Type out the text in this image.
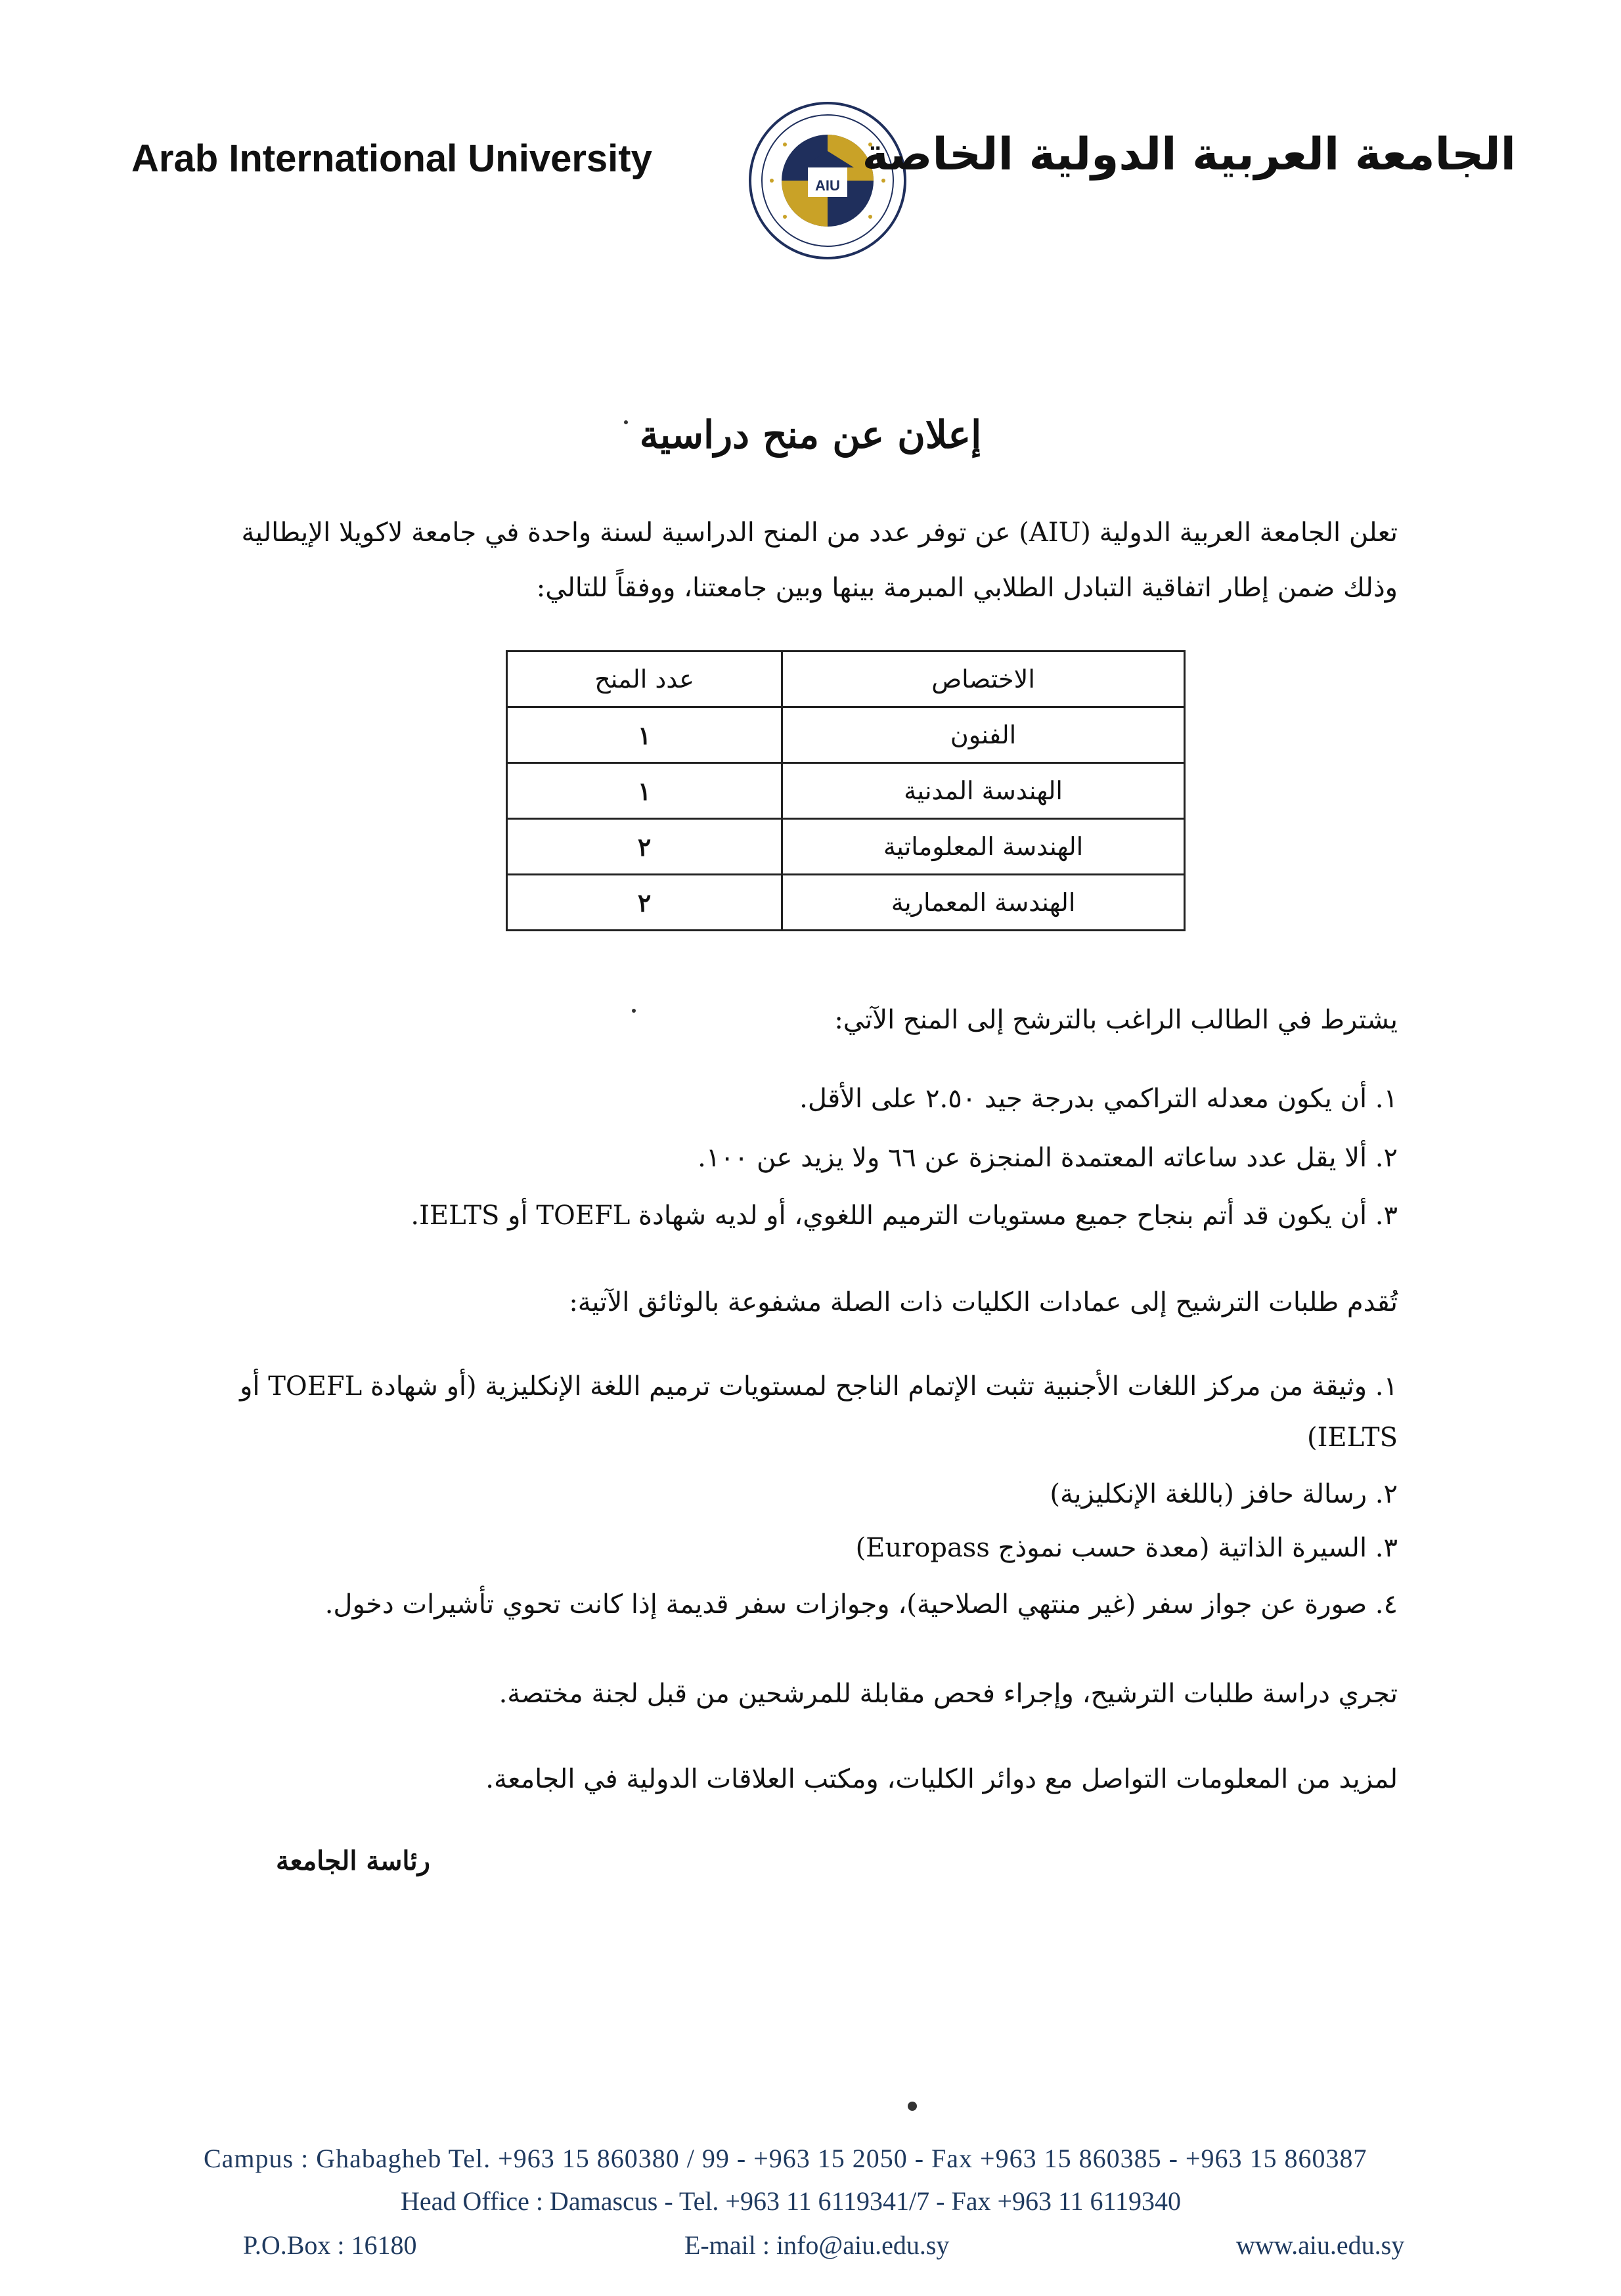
Arab International University
AIU
الجامعة العربية الدولية الخاصة
إعلان عن منح دراسية
تعلن الجامعة العربية الدولية (AIU) عن توفر عدد من المنح الدراسية لسنة واحدة في جامعة لاكويلا الإيطالية
وذلك ضمن إطار اتفاقية التبادل الطلابي المبرمة بينها وبين جامعتنا، ووفقاً للتالي:
الاختصاص	عدد المنح
الفنون	١
الهندسة المدنية	١
الهندسة المعلوماتية	٢
الهندسة المعمارية	٢
يشترط في الطالب الراغب بالترشح إلى المنح الآتي:
١. أن يكون معدله التراكمي بدرجة جيد ٢.٥٠ على الأقل.
٢. ألا يقل عدد ساعاته المعتمدة المنجزة عن ٦٦ ولا يزيد عن ١٠٠.
٣. أن يكون قد أتم بنجاح جميع مستويات الترميم اللغوي، أو لديه شهادة TOEFL أو IELTS.
تُقدم طلبات الترشيح إلى عمادات الكليات ذات الصلة مشفوعة بالوثائق الآتية:
١. وثيقة من مركز اللغات الأجنبية تثبت الإتمام الناجح لمستويات ترميم اللغة الإنكليزية (أو شهادة TOEFL أو
IELTS)
٢. رسالة حافز (باللغة الإنكليزية)
٣. السيرة الذاتية (معدة حسب نموذج Europass)
٤. صورة عن جواز سفر (غير منتهي الصلاحية)، وجوازات سفر قديمة إذا كانت تحوي تأشيرات دخول.
تجري دراسة طلبات الترشيح، وإجراء فحص مقابلة للمرشحين من قبل لجنة مختصة.
لمزيد من المعلومات التواصل مع دوائر الكليات، ومكتب العلاقات الدولية في الجامعة.
رئاسة الجامعة
Campus : Ghabagheb Tel. +963 15 860380 / 99 - +963 15 2050 - Fax +963 15 860385 - +963 15 860387
Head Office : Damascus - Tel. +963 11 6119341/7 - Fax +963 11 6119340
P.O.Box : 16180	E-mail : info@aiu.edu.sy	www.aiu.edu.sy
